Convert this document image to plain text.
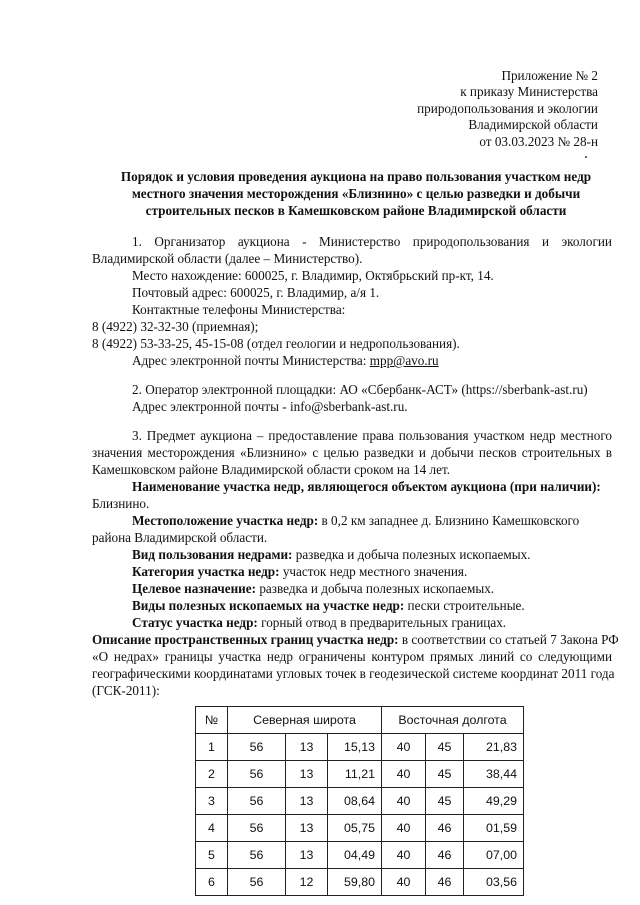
Приложение № 2
к приказу Министерства
природопользования и экологии
Владимирской области
от 03.03.2023 № 28-н
Порядок и условия проведения аукциона на право пользования участком недр
местного значения месторождения «Близнино» с целью разведки и добычи
строительных песков в Камешковском районе Владимирской области
1. Организатор аукциона - Министерство природопользования и экологии
Владимирской области (далее – Министерство).
Место нахождение: 600025, г. Владимир, Октябрьский пр-кт, 14.
Почтовый адрес: 600025, г. Владимир, а/я 1.
Контактные телефоны Министерства:
8 (4922) 32-32-30 (приемная);
8 (4922) 53-33-25, 45-15-08 (отдел геологии и недропользования).
Адрес электронной почты Министерства: mpp@avo.ru
2. Оператор электронной площадки: АО «Сбербанк-АСТ» (https://sberbank-ast.ru)
Адрес электронной почты - info@sberbank-ast.ru.
3. Предмет аукциона – предоставление права пользования участком недр местного
значения месторождения «Близнино» с целью разведки и добычи песков строительных в
Камешковском районе Владимирской области сроком на 14 лет.
Наименование участка недр, являющегося объектом аукциона (при наличии):
Близнино.
Местоположение участка недр: в 0,2 км западнее д. Близнино Камешковского
района Владимирской области.
Вид пользования недрами: разведка и добыча полезных ископаемых.
Категория участка недр: участок недр местного значения.
Целевое назначение: разведка и добыча полезных ископаемых.
Виды полезных ископаемых на участке недр: пески строительные.
Статус участка недр: горный отвод в предварительных границах.
Описание пространственных границ участка недр: в соответствии со статьей 7 Закона РФ
«О недрах» границы участка недр ограничены контуром прямых линий со следующими
географическими координатами угловых точек в геодезической системе координат 2011 года
(ГСК-2011):
№	Северная широта			Восточная долгота		
1	56	13	15,13	40	45	21,83
2	56	13	11,21	40	45	38,44
3	56	13	08,64	40	45	49,29
4	56	13	05,75	40	46	01,59
5	56	13	04,49	40	46	07,00
6	56	12	59,80	40	46	03,56
